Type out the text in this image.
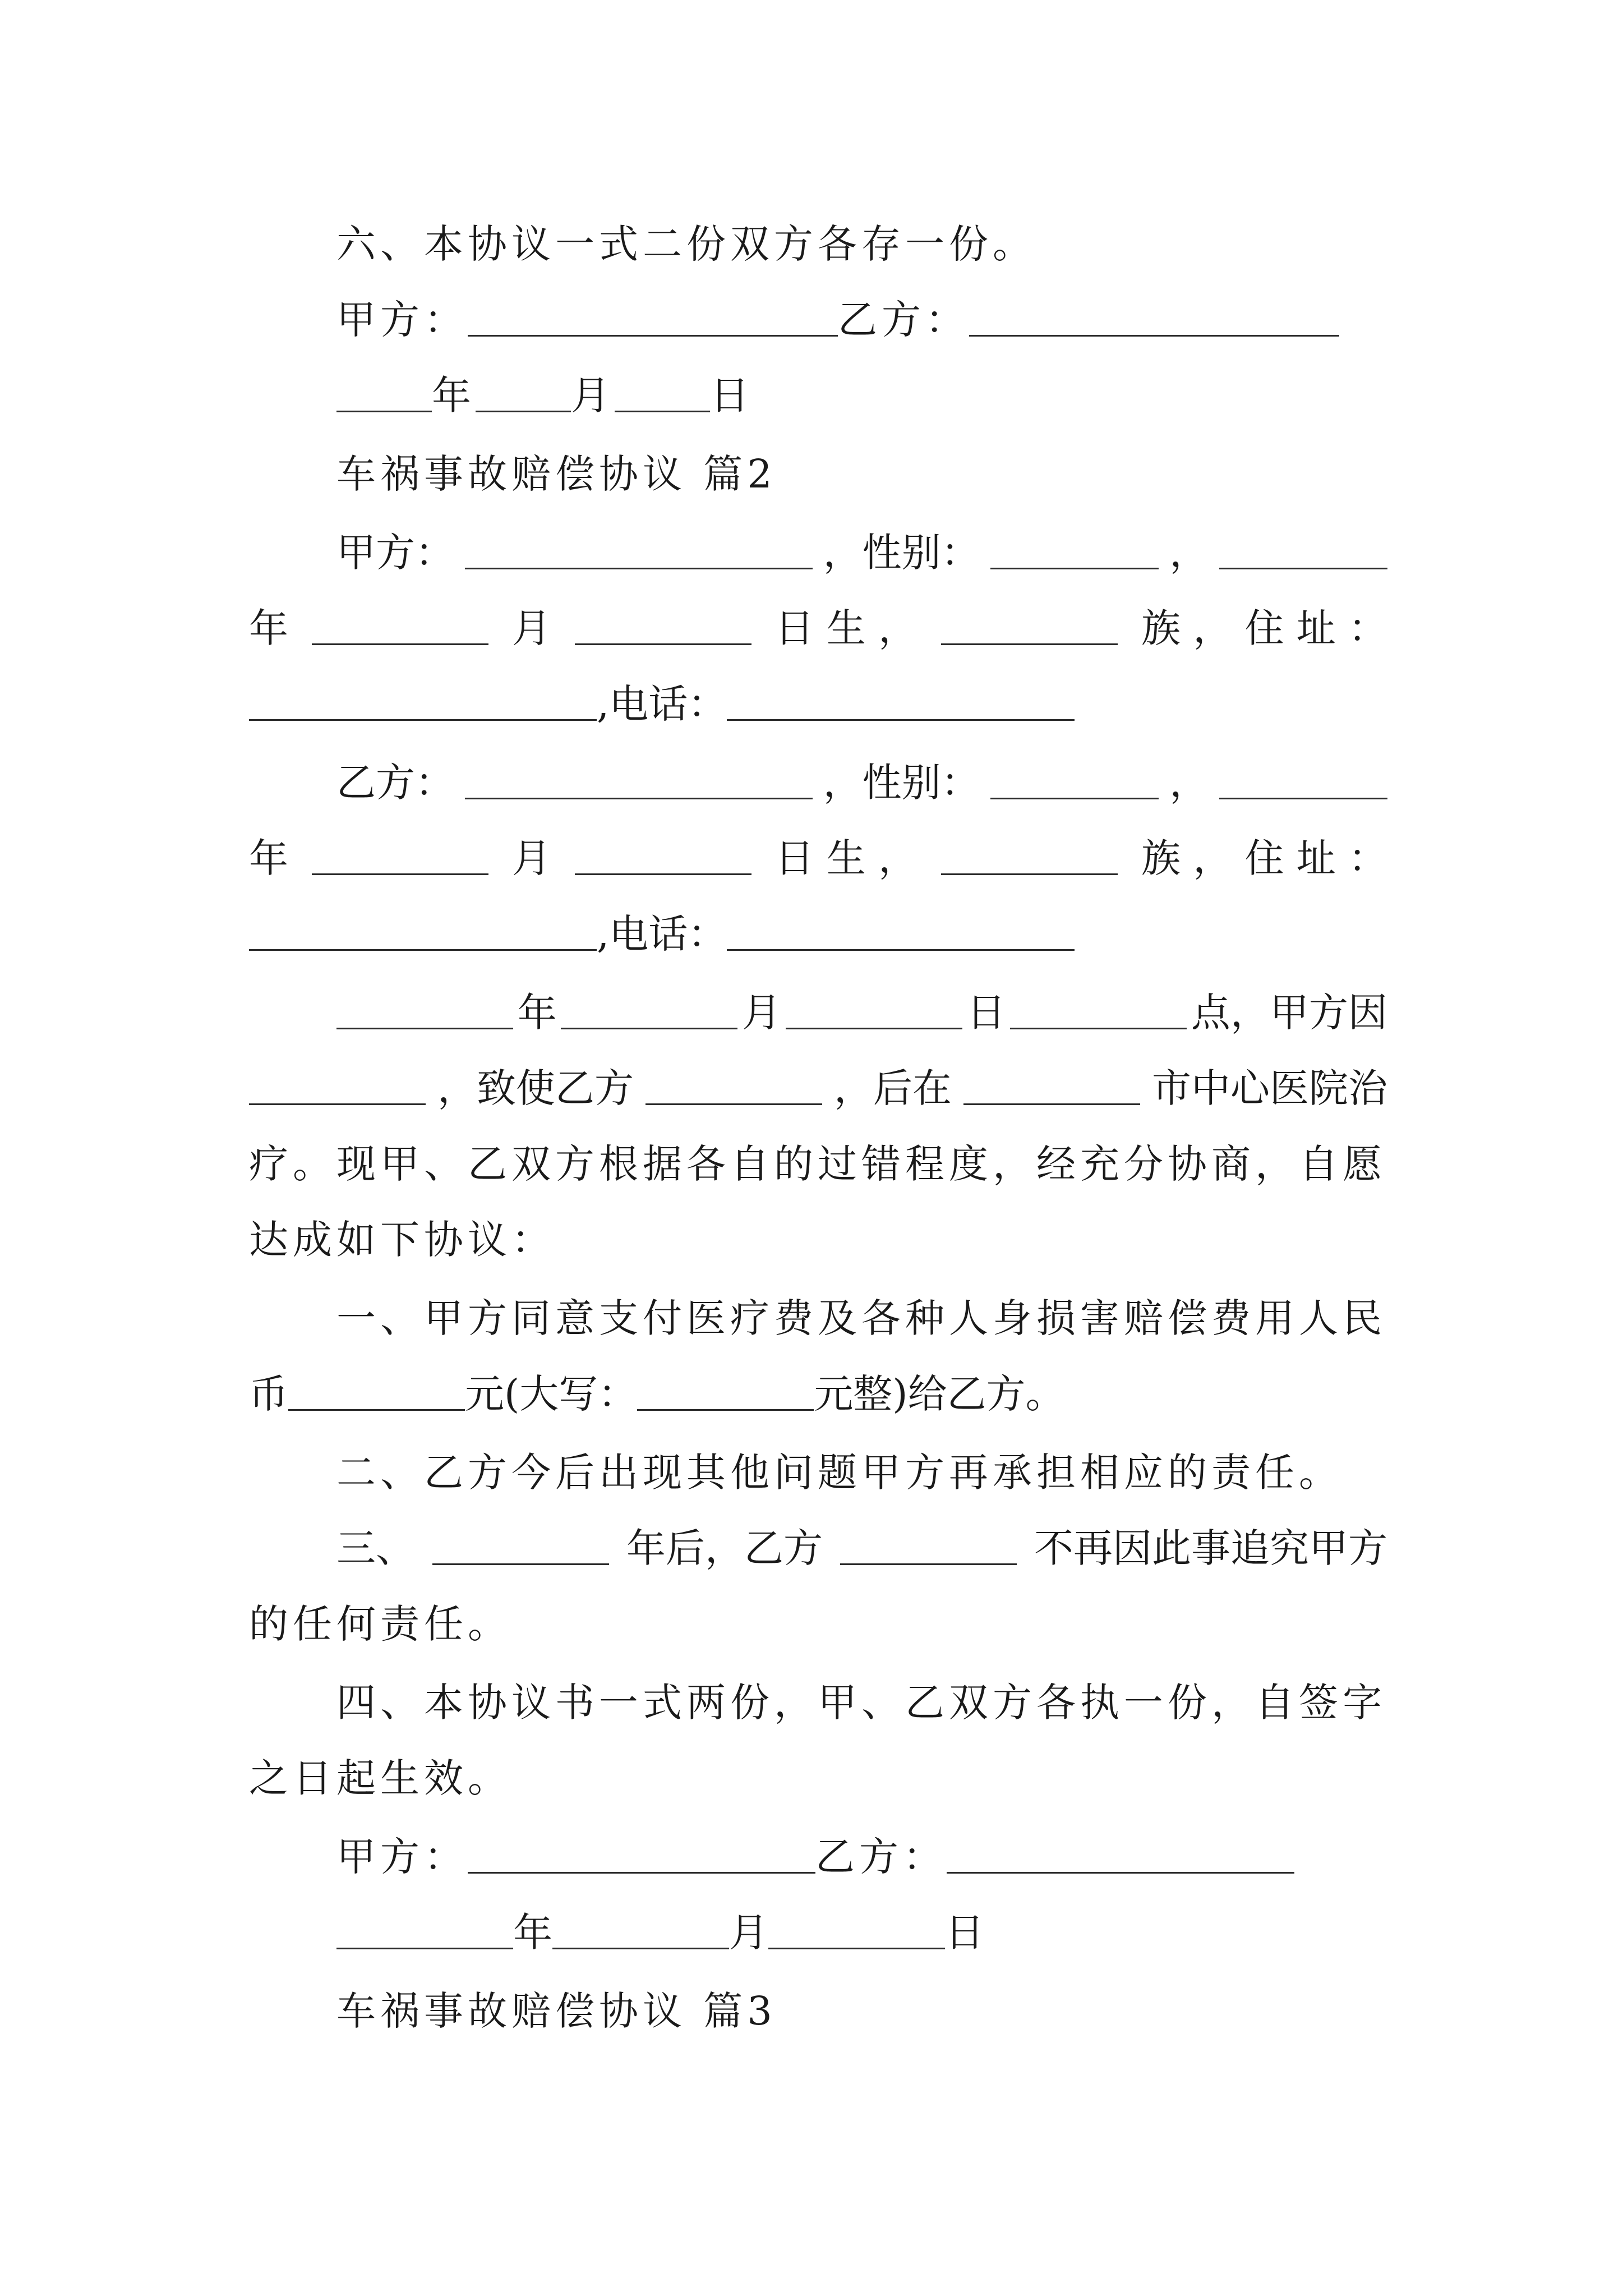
六、本协议一式二份双方各存一份。
甲方：	乙方：
年 月 日
车祸事故赔偿协议 篇2
甲方：	，性别：	，
年	月	日 生 ，	族 ， 住 址 ：
,电话：
乙方：	，性别：	，
年	月	日 生 ，	族 ， 住 址 ：
,电话：
年	月	日	点，甲方因
，致使乙方	，后在	市中心医院治
疗。现甲、乙双方根据各自的过错程度，经充分协商，自愿
达成如下协议：
一、甲方同意支付医疗费及各种人身损害赔偿费用人民
币	元(大写：	元整)给乙方。
二、乙方今后出现其他问题甲方再承担相应的责任。
三、	年后，乙方	不再因此事追究甲方
的任何责任。
四、本协议书一式两份，甲、乙双方各执一份，自签字
之日起生效。
甲方：	乙方：
年	月	日
车祸事故赔偿协议 篇3
